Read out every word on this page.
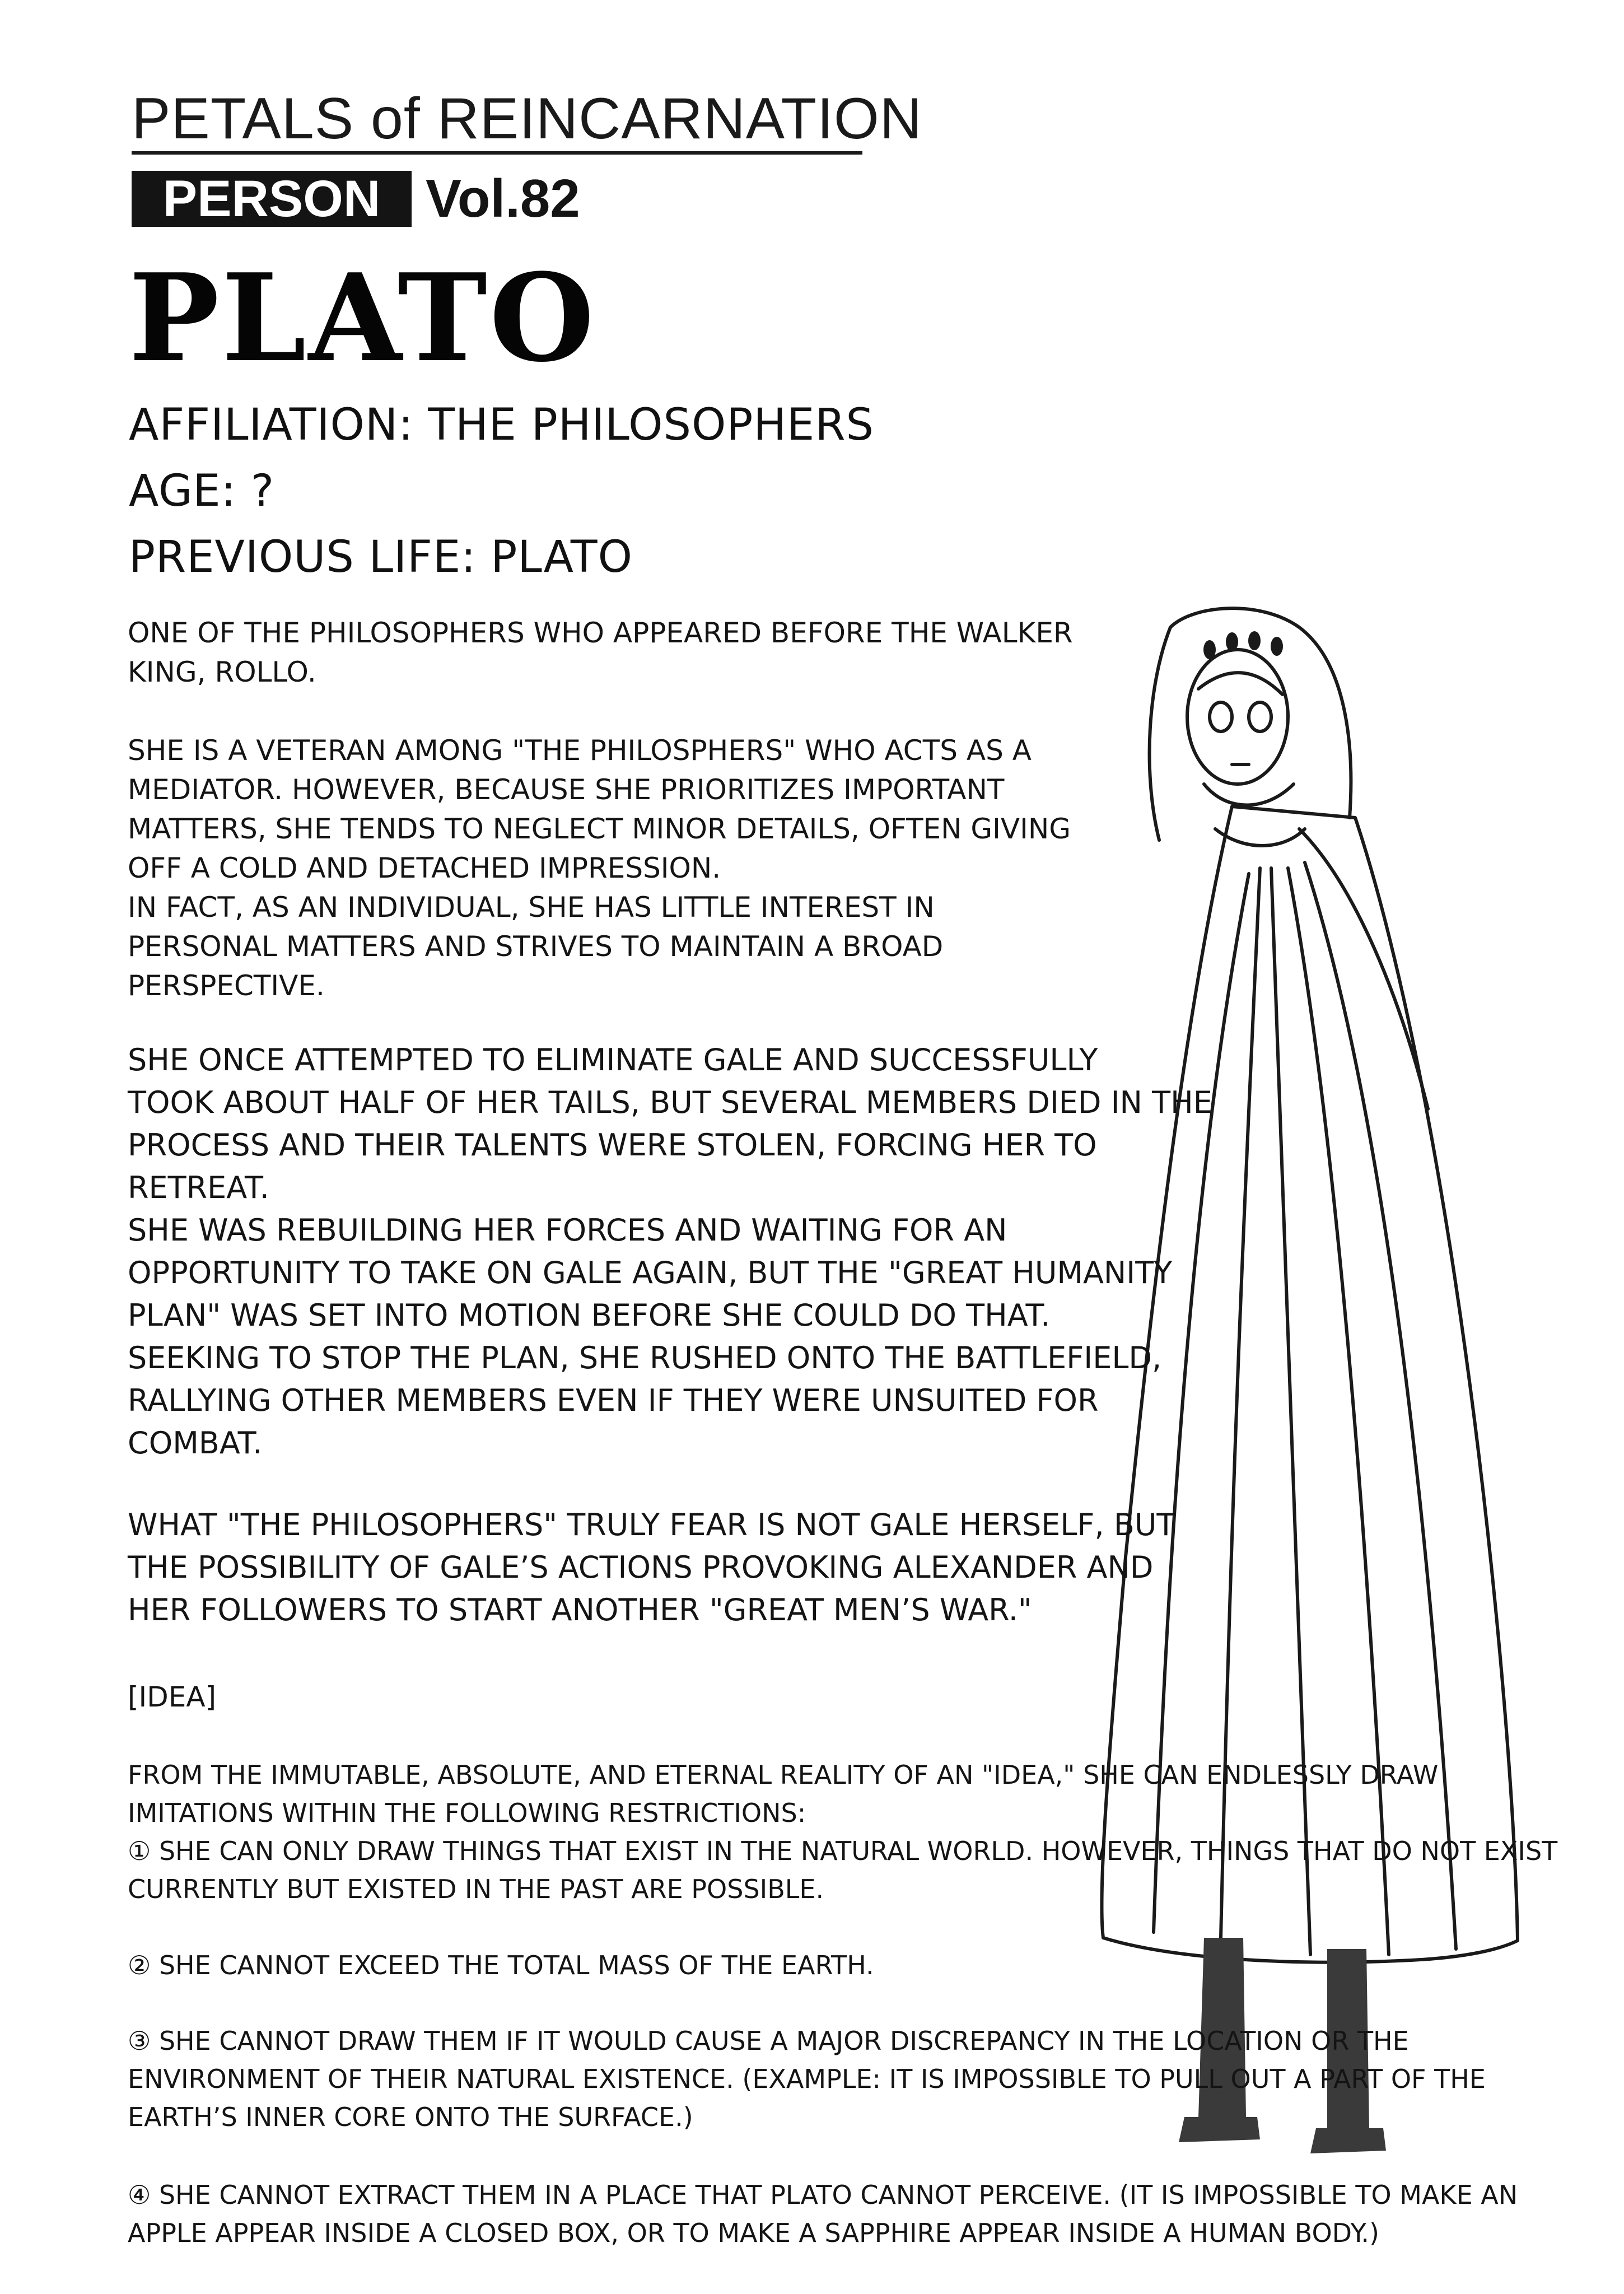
PETALS of REINCARNATION
PERSON Vol.82
PLATO
AFFILIATION: THE PHILOSOPHERS
AGE: ?
PREVIOUS LIFE: PLATO

ONE OF THE PHILOSOPHERS WHO APPEARED BEFORE THE WALKER
KING, ROLLO.

SHE IS A VETERAN AMONG "THE PHILOSPHERS" WHO ACTS AS A
MEDIATOR. HOWEVER, BECAUSE SHE PRIORITIZES IMPORTANT
MATTERS, SHE TENDS TO NEGLECT MINOR DETAILS, OFTEN GIVING
OFF A COLD AND DETACHED IMPRESSION.
IN FACT, AS AN INDIVIDUAL, SHE HAS LITTLE INTEREST IN
PERSONAL MATTERS AND STRIVES TO MAINTAIN A BROAD
PERSPECTIVE.

SHE ONCE ATTEMPTED TO ELIMINATE GALE AND SUCCESSFULLY
TOOK ABOUT HALF OF HER TAILS, BUT SEVERAL MEMBERS DIED IN THE
PROCESS AND THEIR TALENTS WERE STOLEN, FORCING HER TO
RETREAT.
SHE WAS REBUILDING HER FORCES AND WAITING FOR AN
OPPORTUNITY TO TAKE ON GALE AGAIN, BUT THE "GREAT HUMANITY
PLAN" WAS SET INTO MOTION BEFORE SHE COULD DO THAT.
SEEKING TO STOP THE PLAN, SHE RUSHED ONTO THE BATTLEFIELD,
RALLYING OTHER MEMBERS EVEN IF THEY WERE UNSUITED FOR
COMBAT.

WHAT "THE PHILOSOPHERS" TRULY FEAR IS NOT GALE HERSELF, BUT
THE POSSIBILITY OF GALE’S ACTIONS PROVOKING ALEXANDER AND
HER FOLLOWERS TO START ANOTHER "GREAT MEN’S WAR."

[IDEA]

FROM THE IMMUTABLE, ABSOLUTE, AND ETERNAL REALITY OF AN "IDEA," SHE CAN ENDLESSLY DRAW
IMITATIONS WITHIN THE FOLLOWING RESTRICTIONS:
① SHE CAN ONLY DRAW THINGS THAT EXIST IN THE NATURAL WORLD. HOWEVER, THINGS THAT DO NOT EXIST
CURRENTLY BUT EXISTED IN THE PAST ARE POSSIBLE.

② SHE CANNOT EXCEED THE TOTAL MASS OF THE EARTH.

③ SHE CANNOT DRAW THEM IF IT WOULD CAUSE A MAJOR DISCREPANCY IN THE LOCATION OR THE
ENVIRONMENT OF THEIR NATURAL EXISTENCE. (EXAMPLE: IT IS IMPOSSIBLE TO PULL OUT A PART OF THE
EARTH’S INNER CORE ONTO THE SURFACE.)

④ SHE CANNOT EXTRACT THEM IN A PLACE THAT PLATO CANNOT PERCEIVE. (IT IS IMPOSSIBLE TO MAKE AN
APPLE APPEAR INSIDE A CLOSED BOX, OR TO MAKE A SAPPHIRE APPEAR INSIDE A HUMAN BODY.)
